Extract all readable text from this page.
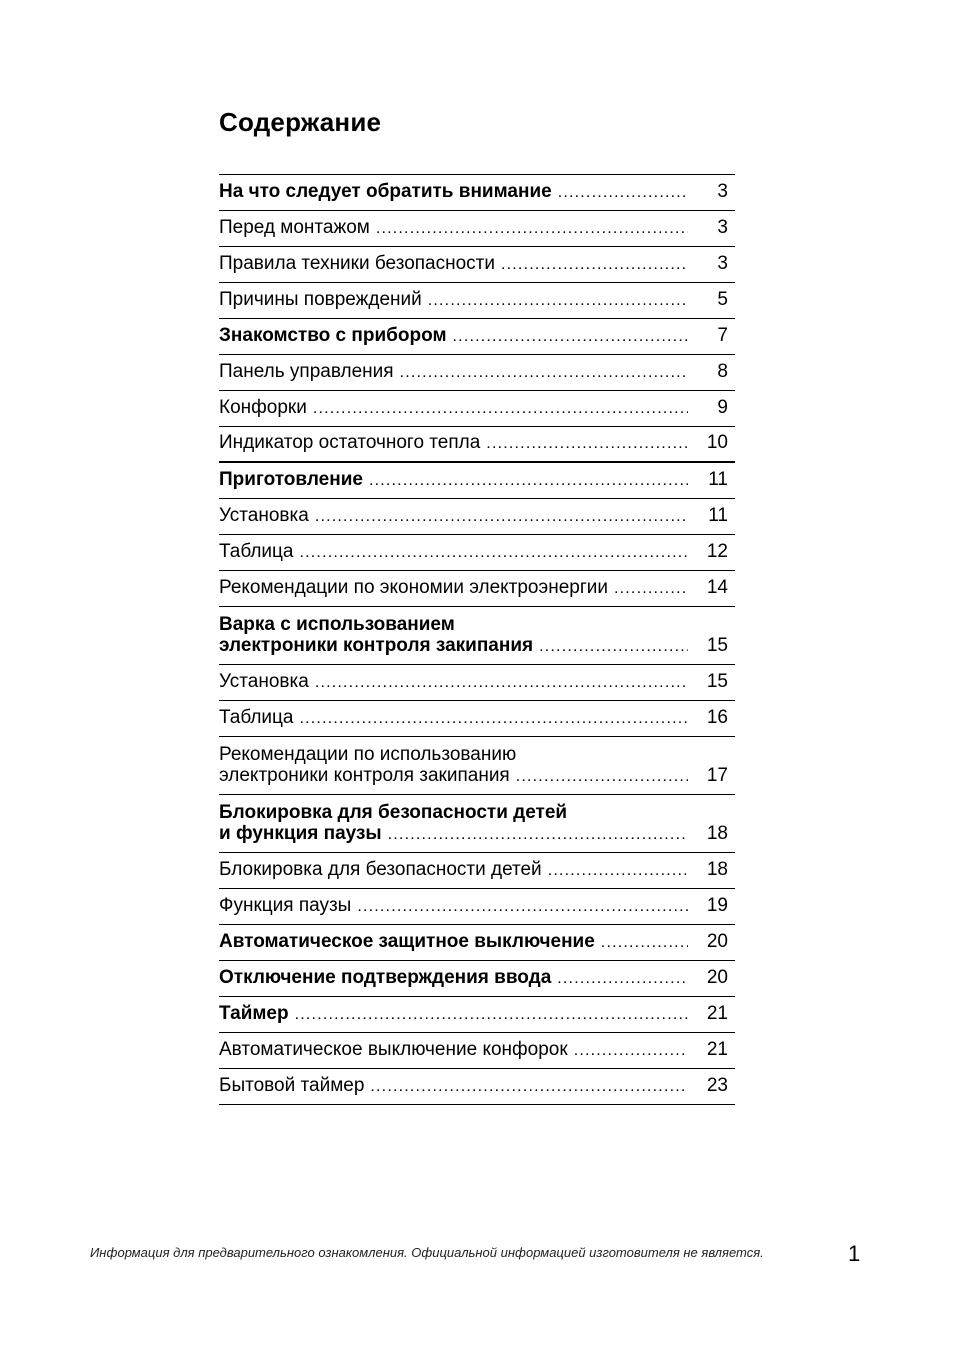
Содержание
На что следует обратить внимание .....	3
Перед монтажом .....	3
Правила техники безопасности .....	3
Причины повреждений .....	5
Знакомство с прибором .....	7
Панель управления .....	8
Конфорки .....	9
Индикатор остаточного тепла .....	10
Приготовление .....	11
Установка .....	11
Таблица .....	12
Рекомендации по экономии электроэнергии .....	14
Варка с использованием
электроники контроля закипания .....	15
Установка .....	15
Таблица .....	16
Рекомендации по использованию
электроники контроля закипания .....	17
Блокировка для безопасности детей
и функция паузы .....	18
Блокировка для безопасности детей .....	18
Функция паузы .....	19
Автоматическое защитное выключение .....	20
Отключение подтверждения ввода .....	20
Таймер .....	21
Автоматическое выключение конфорок .....	21
Бытовой таймер .....	23
Информация для предварительного ознакомления. Официальной информацией изготовителя не является.	1
